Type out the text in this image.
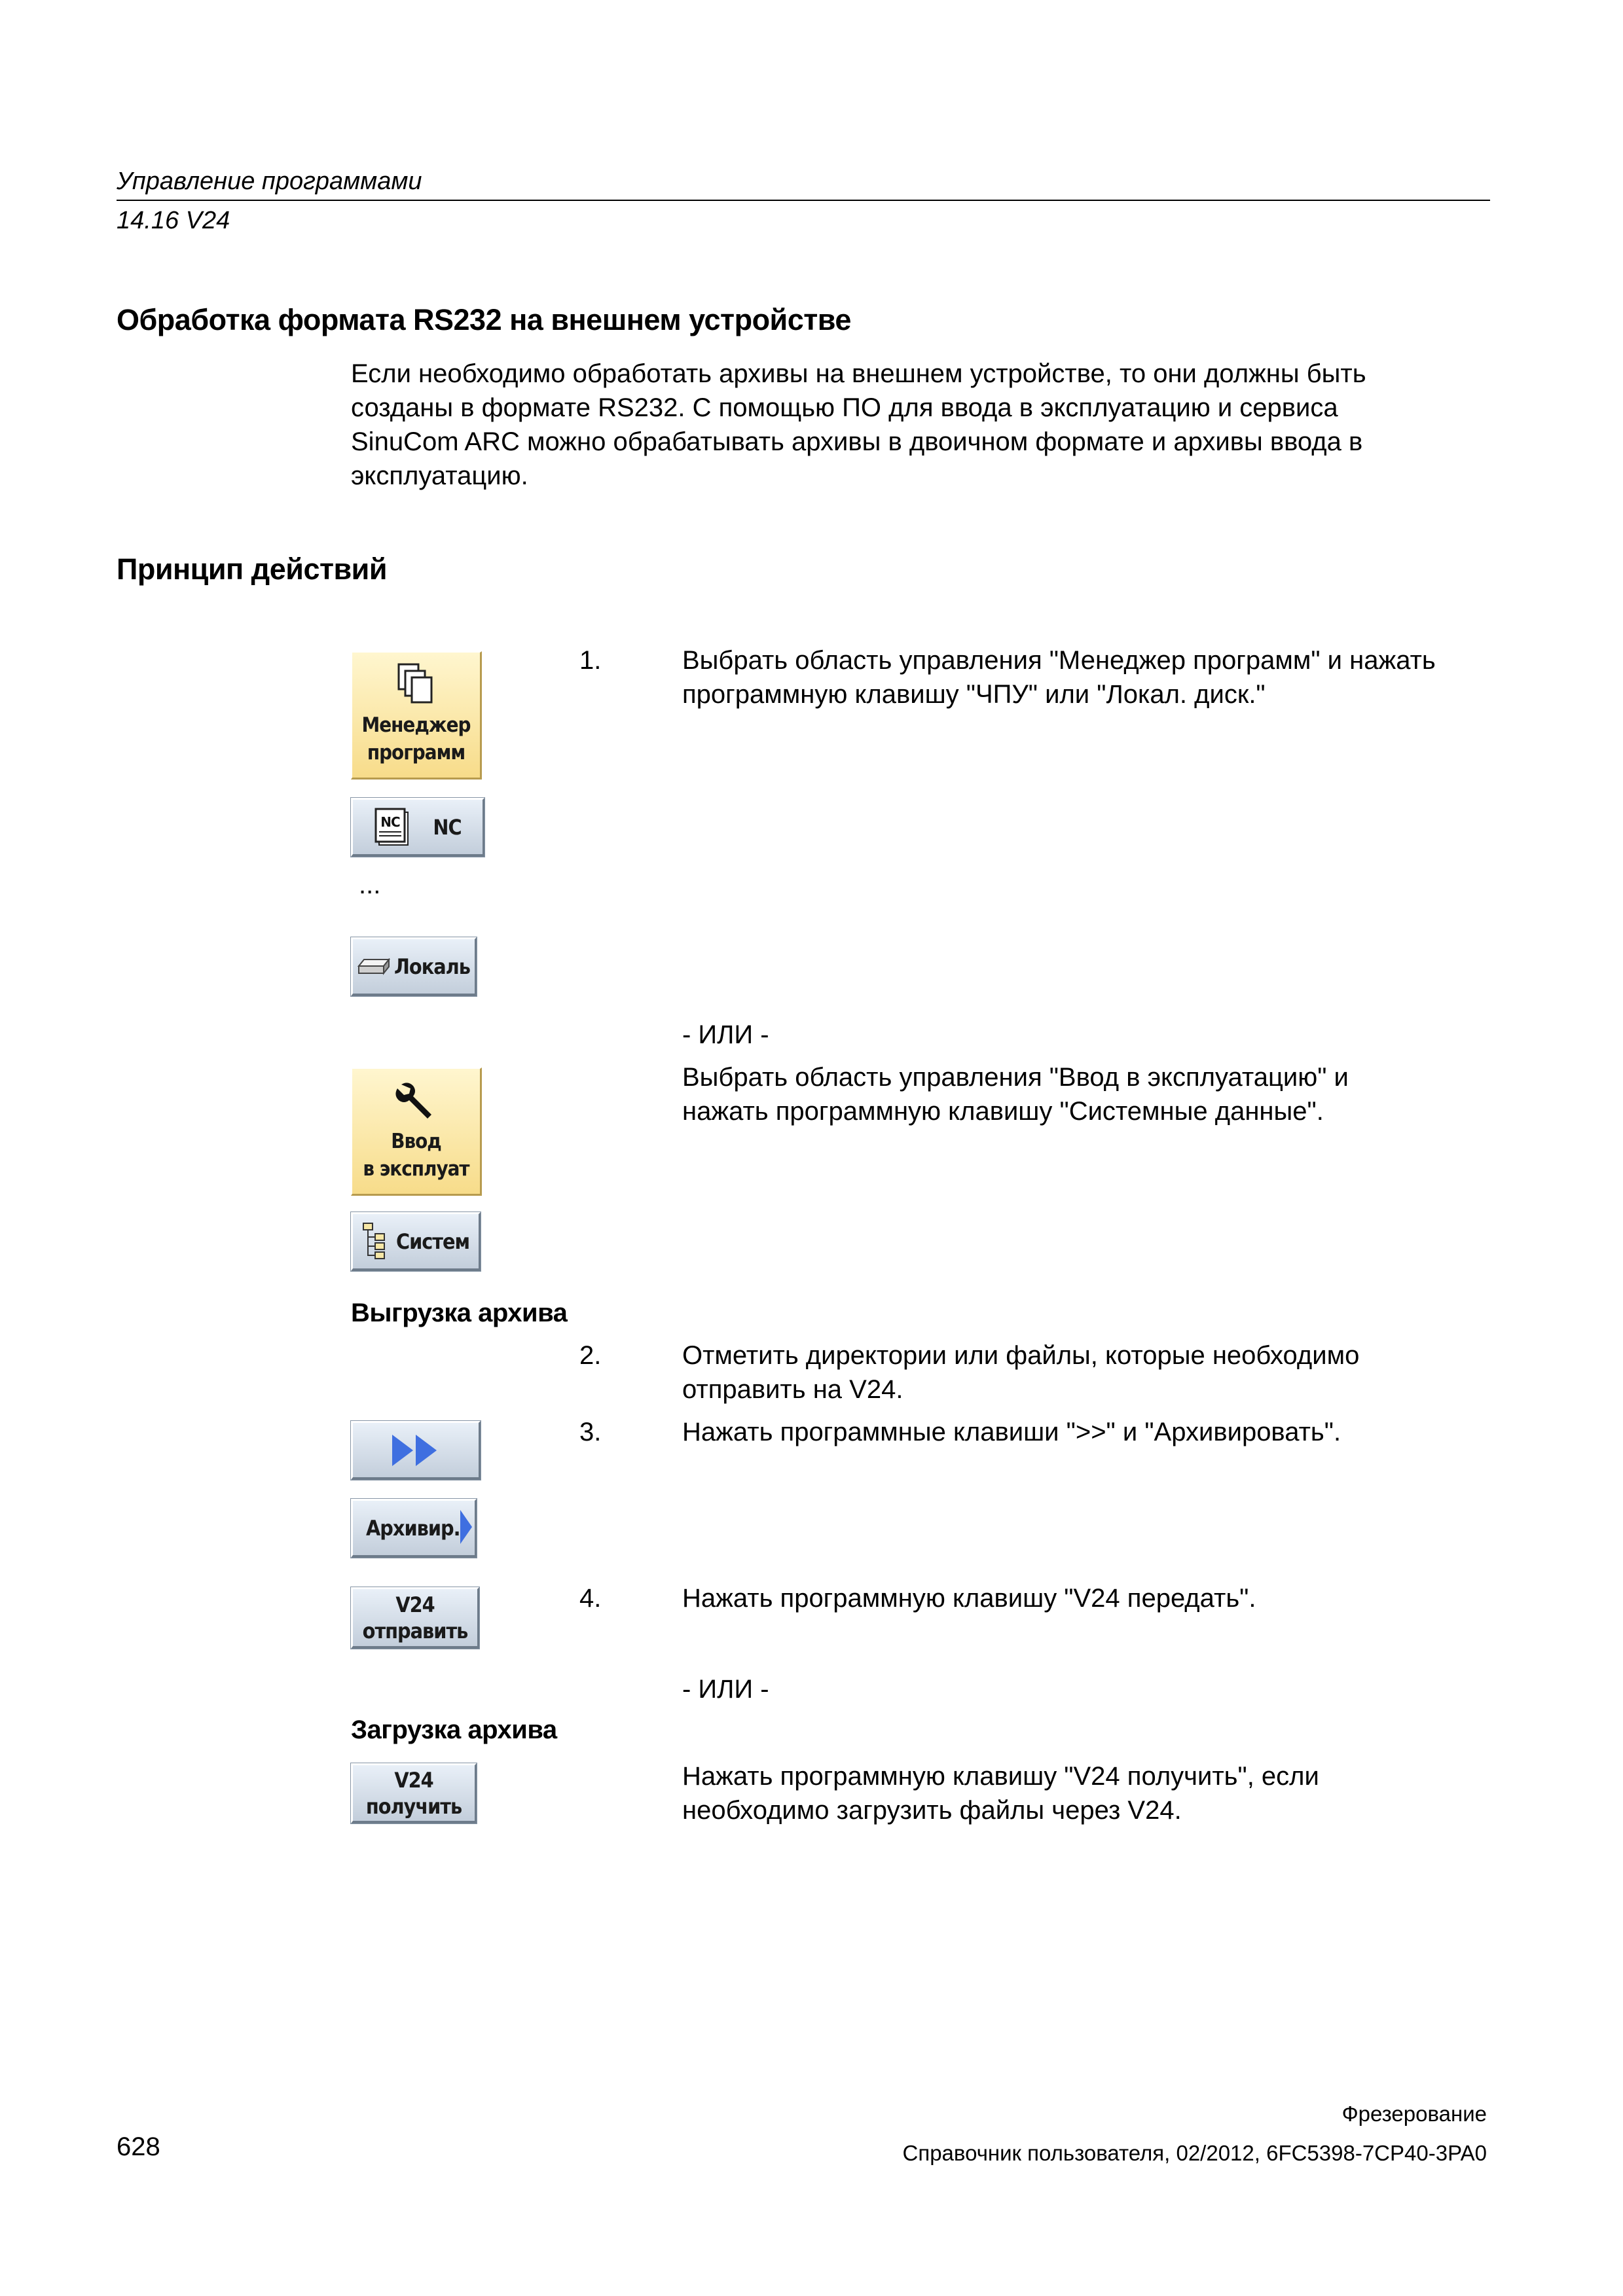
Управление программами
14.16 V24
Обработка формата RS232 на внешнем устройстве
Если необходимо обработать архивы на внешнем устройстве, то они должны быть
созданы в формате RS232. С помощью ПО для ввода в эксплуатацию и сервиса
SinuCom ARC можно обрабатывать архивы в двоичном формате и архивы ввода в
эксплуатацию.
Принцип действий
Менеджер
программ
NC NC
...
Локаль
Ввод
в эксплуат
Систем
Выгрузка архива
Архивир.
V24
отправить
Загрузка архива
V24
получить
1.	Выбрать область управления "Менеджер программ" и нажать
программную клавишу "ЧПУ" или "Локал. диск."
- ИЛИ -
Выбрать область управления "Ввод в эксплуатацию" и
нажать программную клавишу "Системные данные".
2.	Отметить директории или файлы, которые необходимо
отправить на V24.
3.	Нажать программные клавиши ">>" и "Архивировать".
4.	Нажать программную клавишу "V24 передать".
- ИЛИ -
Нажать программную клавишу "V24 получить", если
необходимо загрузить файлы через V24.
Фрезерование
628	Справочник пользователя, 02/2012, 6FC5398-7CP40-3PA0
